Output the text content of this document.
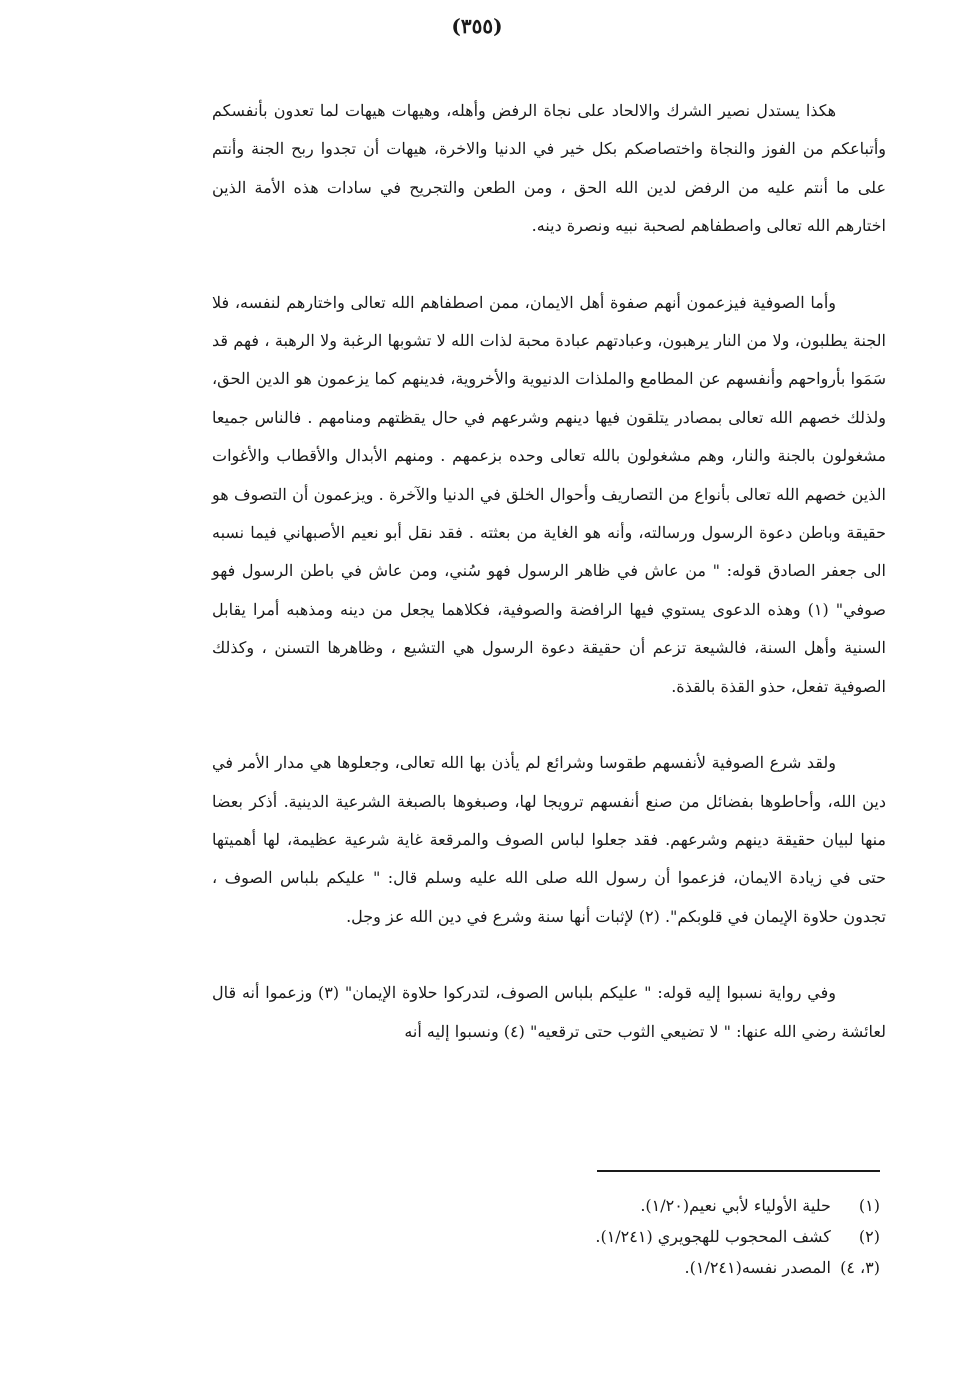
(٣٥٥)

هكذا يستدل نصير الشرك والالحاد على نجاة الرفض وأهله، وهيهات هيهات لما تعدون بأنفسكم وأتباعكم من الفوز والنجاة واختصاصكم بكل خير في الدنيا والاخرة، هيهات أن تجدوا ربح الجنة وأنتم على ما أنتم عليه من الرفض لدين الله الحق ، ومن الطعن والتجريح في سادات هذه الأمة الذين اختارهم الله تعالى واصطفاهم لصحبة نبيه ونصرة دينه.

وأما الصوفية فيزعمون أنهم صفوة أهل الايمان، ممن اصطفاهم الله تعالى واختارهم لنفسه، فلا الجنة يطلبون، ولا من النار يرهبون، وعبادتهم عبادة محبة لذات الله لا تشوبها الرغبة ولا الرهبة ، فهم قد سَمَوا بأرواحهم وأنفسهم عن المطامع والملذات الدنيوية والأخروية، فدينهم كما يزعمون هو الدين الحق، ولذلك خصهم الله تعالى بمصادر يتلقون فيها دينهم وشرعهم في حال يقظتهم ومنامهم . فالناس جميعا مشغولون بالجنة والنار، وهم مشغولون بالله تعالى وحده بزعمهم . ومنهم الأبدال والأقطاب والأغوات الذين خصهم الله تعالى بأنواع من التصاريف وأحوال الخلق في الدنيا والآخرة . ويزعمون أن التصوف هو حقيقة وباطن دعوة الرسول ورسالته، وأنه هو الغاية من بعثته . فقد نقل أبو نعيم الأصبهاني فيما نسبه الى جعفر الصادق قوله: " من عاش في ظاهر الرسول فهو سُني، ومن عاش في باطن الرسول فهو صوفي" (١) وهذه الدعوى يستوي فيها الرافضة والصوفية، فكلاهما يجعل من دينه ومذهبه أمرا يقابل السنية وأهل السنة، فالشيعة تزعم أن حقيقة دعوة الرسول هي التشيع ، وظاهرها التسنن ، وكذلك الصوفية تفعل، حذو القذة بالقذة.

ولقد شرع الصوفية لأنفسهم طقوسا وشرائع لم يأذن بها الله تعالى، وجعلوها هي مدار الأمر في دين الله، وأحاطوها بفضائل من صنع أنفسهم ترويجا لها، وصبغوها بالصبغة الشرعية الدينية. أذكر بعضا منها لبيان حقيقة دينهم وشرعهم. فقد جعلوا لباس الصوف والمرقعة غاية شرعية عظيمة، لها أهميتها حتى في زيادة الايمان، فزعموا أن رسول الله صلى الله عليه وسلم قال: " عليكم بلباس الصوف ، تجدون حلاوة الإيمان في قلوبكم". (٢) لإثبات أنها سنة وشرع في دين الله عز وجل.

وفي رواية نسبوا إليه قوله: " عليكم بلباس الصوف، لتدركوا حلاوة الإيمان" (٣) وزعموا أنه قال لعائشة رضي الله عنها: " لا تضيعي الثوب حتى ترقعيه" (٤) ونسبوا إليه أنه

(١) حلية الأولياء لأبي نعيم(١/٢٠).
(٢) كشف المحجوب للهجويري (١/٢٤١).
(٣، ٤) المصدر نفسه(١/٢٤١).
